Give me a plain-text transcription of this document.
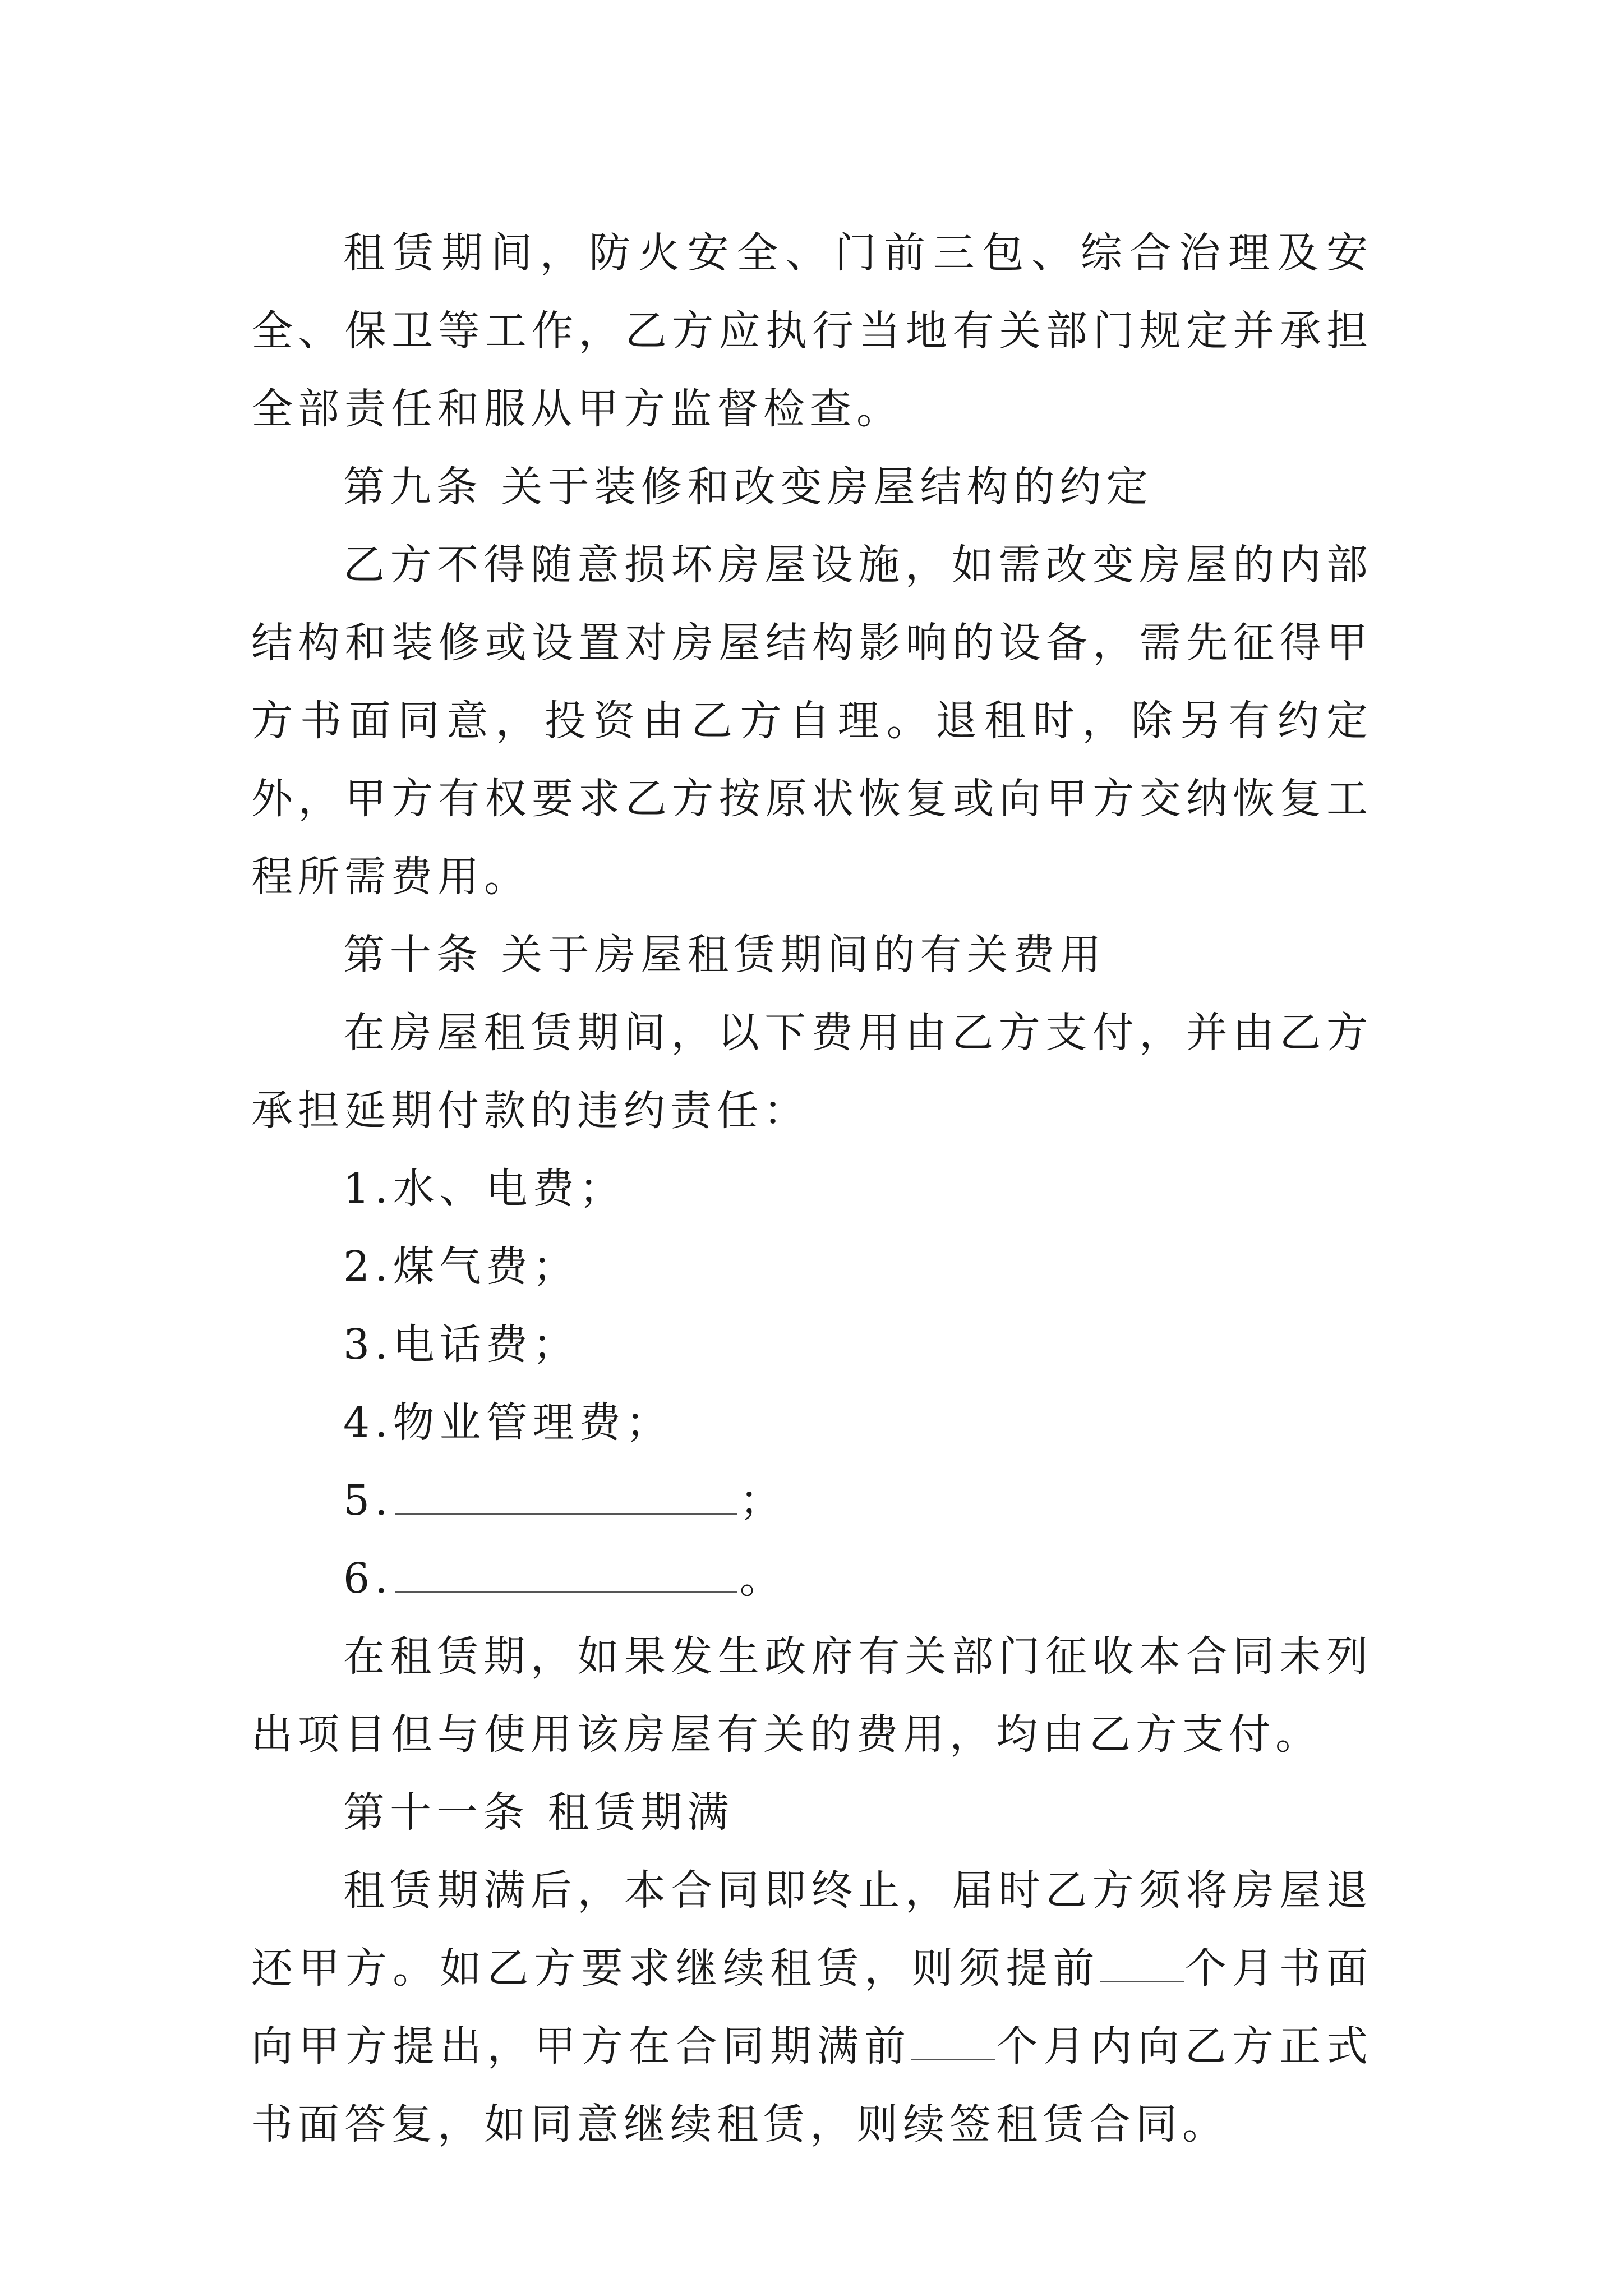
租赁期间，防火安全、门前三包、综合治理及安全、保卫等工作，乙方应执行当地有关部门规定并承担全部责任和服从甲方监督检查。

第九条 关于装修和改变房屋结构的约定

乙方不得随意损坏房屋设施，如需改变房屋的内部结构和装修或设置对房屋结构影响的设备，需先征得甲方书面同意，投资由乙方自理。退租时，除另有约定外，甲方有权要求乙方按原状恢复或向甲方交纳恢复工程所需费用。

第十条 关于房屋租赁期间的有关费用

在房屋租赁期间，以下费用由乙方支付，并由乙方承担延期付款的违约责任：

1.水、电费；

2.煤气费；

3.电话费；

4.物业管理费；

5.	；

6.	。

在租赁期，如果发生政府有关部门征收本合同未列出项目但与使用该房屋有关的费用，均由乙方支付。

第十一条 租赁期满

租赁期满后，本合同即终止，届时乙方须将房屋退还甲方。如乙方要求继续租赁，则须提前 个月书面向甲方提出，甲方在合同期满前 个月内向乙方正式书面答复，如同意继续租赁，则续签租赁合同。
